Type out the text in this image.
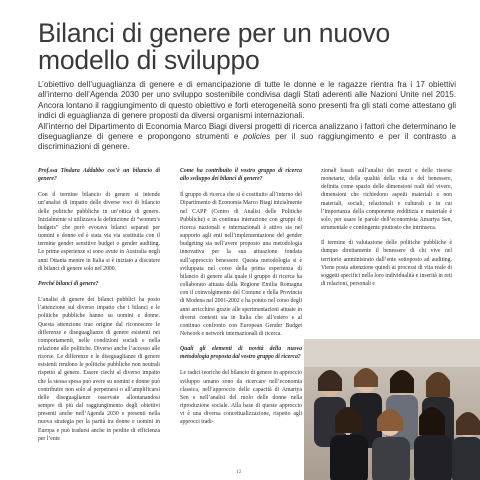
Bilanci di genere per un nuovo modello di sviluppo

L’obiettivo dell’uguaglianza di genere e di emancipazione di tutte le donne e le ragazze rientra fra i 17 obiettivi all’interno dell’Agenda 2030 per uno sviluppo sostenibile condivisa dagli Stati aderenti alle Nazioni Unite nel 2015. Ancora lontano il raggiungimento di questo obiettivo e forti eterogeneità sono presenti fra gli stati come attestano gli indici di eguaglianza di genere proposti da diversi organismi internazionali.

All’interno del Dipartimento di Economia Marco Biagi diversi progetti di ricerca analizzano i fattori che determinano le diseguaglianze di genere e propongono strumenti e policies per il suo raggiungimento e per il contrasto a discriminazioni di genere.

Prof.ssa Tindara Addabbo cos’è un bilancio di genere?

Con il termine bilancio di genere si intende un’analisi di impatto delle diverse voci di bilancio delle politiche pubbliche in un’ottica di genere. Inizialmente si utilizzava la definizione di “women’s budgets” che però evocava bilanci separati per uomini e donne ed è stata via via sostituita con il termine gender sensitive budget o gender auditing. Le prime esperienze si sono avute in Australia negli anni Ottanta mentre in Italia si è iniziato a discutere di bilanci di genere solo nel 2000.

Perché bilanci di genere?

L’analisi di genere dei bilanci pubblici ha posto l’attenzione sul diverso impatto che i bilanci e le politiche pubbliche hanno su uomini e donne. Questa attenzione trae origine dal riconoscere le differenze e diseguaglianze di genere esistenti nei comportamenti, nelle condizioni sociali e nella relazione alle politiche. Diverso anche l’accesso alle risorse. Le differenze e le diseguaglianze di genere esistenti rendono le politiche pubbliche non neutrali rispetto al genere. Essere ciechi al diverso impatto che la stessa spesa può avere su uomini e donne può contribuire non solo al perpetrarsi o all’amplificarsi delle diseguaglianze osservate allontanandosi sempre di più dal raggiungimento degli obiettivi presenti anche nell’Agenda 2030 e presenti nella nuova strategia per la parità tra donne e uomini in Europa e può tradursi anche in perdite di efficienza per l’ente

Come ha contribuito il vostro gruppo di ricerca allo sviluppo dei bilanci di genere?

Il gruppo di ricerca che si è costituito all’interno del Dipartimento di Economia Marco Biagi inizialmente nel CAPP (Centro di Analisi delle Politiche Pubbliche) e in continua interazione con gruppi di ricerca nazionali e internazionali è attivo sia nel supporto agli enti nell’implementazione del gender budgeting sia nell’avere proposto una metodologia innovativa per la sua attuazione fondata sull’approccio benessere. Questa metodologia si è sviluppata nel corso della prima esperienza di bilancio di genere alla quale il gruppo di ricerca ha collaborato attuata dalla Regione Emilia Romagna con il coinvolgimento del Comune e della Provincia di Modena nel 2001-2002 e ha potuto nel corso degli anni arricchirsi grazie alle sperimentazioni attuate in diversi contesti sia in Italia che all’estero e al continuo confronto con European Gender Budget Network e network internazionali di ricerca.

Quali gli elementi di novità della nuova metodologia proposta dal vostro gruppo di ricerca?

Le radici teoriche del bilancio di genere in approccio sviluppo umano sono da ricercare nell’economia classica, nell’approccio delle capacità di Amartya Sen e nell’analisi del ruolo delle donne nella riproduzione sociale. Alla base di queste approccio vi è una diversa concettualizzazione, rispetto agli approcci tradi-

zionali basati sull’analisi dei mezzi e delle risorse monetarie, della qualità della vita e del benessere, definita come spazio delle dimensioni reali del vivere, dimensioni che richiedono aspetti materiali e non materiali, sociali, relazionali e culturali e in cui l’importanza della componente redditizia e materiale è solo, per usare le parole dell’economista Amartya Sen, strumentale e contingente piuttosto che intrinseca.

Il termine di valutazione delle politiche pubbliche è dunque direttamente il benessere di chi vive nel territorio amministrato dall’ente sottoposto ad auditing. Viene posta attenzione quindi ai processi di vita reale di soggetti specifici nella loro individualità e inserità in reti di relazioni, personali e

12
